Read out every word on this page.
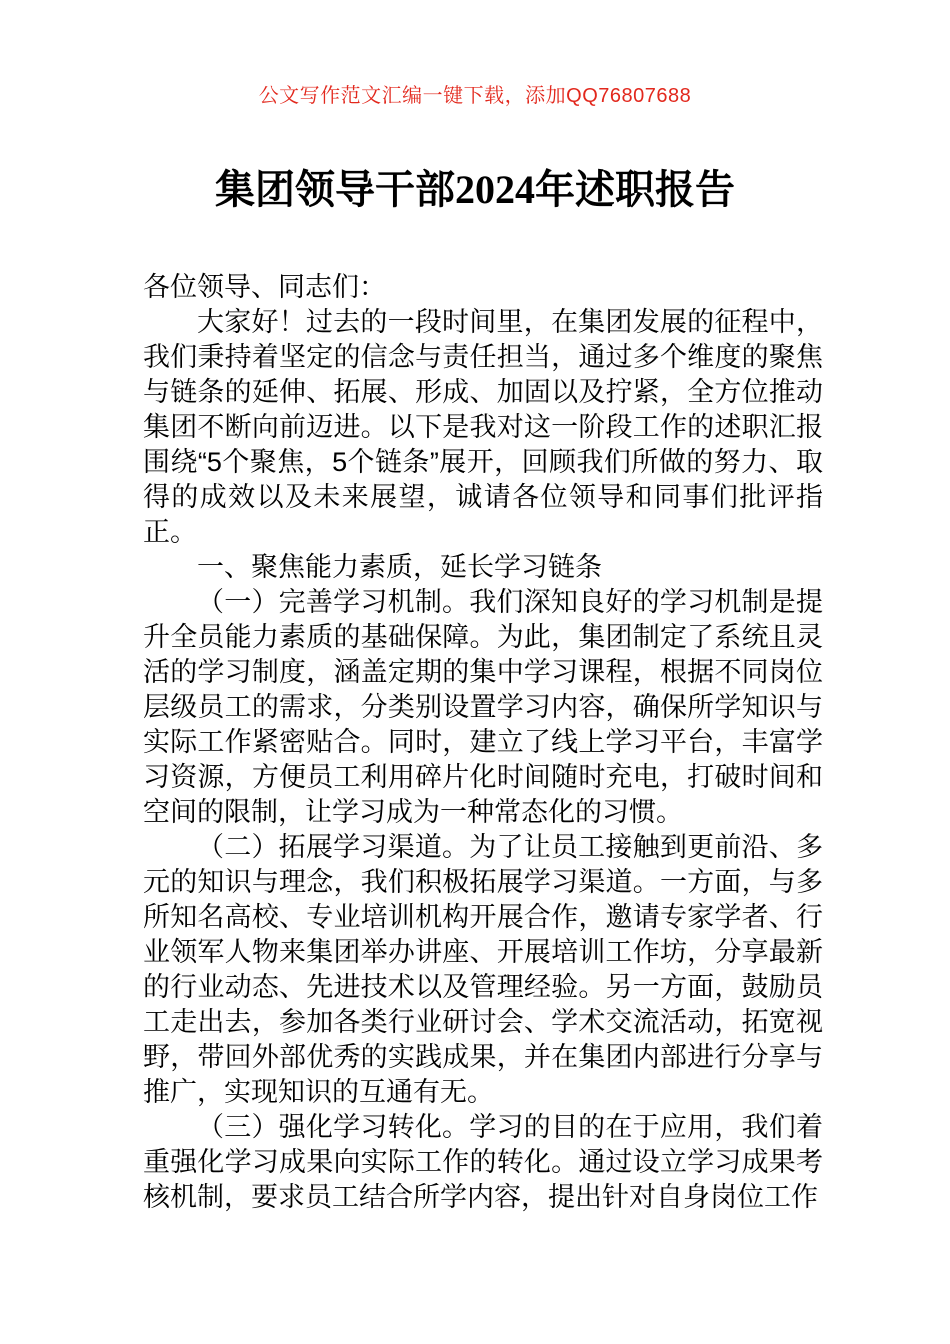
公文写作范文汇编一键下载，添加QQ76807688
集团领导干部2024年述职报告

各位领导、同志们：

大家好！过去的一段时间里，在集团发展的征程中，我们秉持着坚定的信念与责任担当，通过多个维度的聚焦与链条的延伸、拓展、形成、加固以及拧紧，全方位推动集团不断向前迈进。以下是我对这一阶段工作的述职汇报围绕“5个聚焦，5个链条”展开，回顾我们所做的努力、取得的成效以及未来展望，诚请各位领导和同事们批评指正。

一、聚焦能力素质，延长学习链条

（一）完善学习机制。我们深知良好的学习机制是提升全员能力素质的基础保障。为此，集团制定了系统且灵活的学习制度，涵盖定期的集中学习课程，根据不同岗位层级员工的需求，分类别设置学习内容，确保所学知识与实际工作紧密贴合。同时，建立了线上学习平台，丰富学习资源，方便员工利用碎片化时间随时充电，打破时间和空间的限制，让学习成为一种常态化的习惯。

（二）拓展学习渠道。为了让员工接触到更前沿、多元的知识与理念，我们积极拓展学习渠道。一方面，与多所知名高校、专业培训机构开展合作，邀请专家学者、行业领军人物来集团举办讲座、开展培训工作坊，分享最新的行业动态、先进技术以及管理经验。另一方面，鼓励员工走出去，参加各类行业研讨会、学术交流活动，拓宽视野，带回外部优秀的实践成果，并在集团内部进行分享与推广，实现知识的互通有无。

（三）强化学习转化。学习的目的在于应用，我们着重强化学习成果向实际工作的转化。通过设立学习成果考核机制，要求员工结合所学内容，提出针对自身岗位工作
